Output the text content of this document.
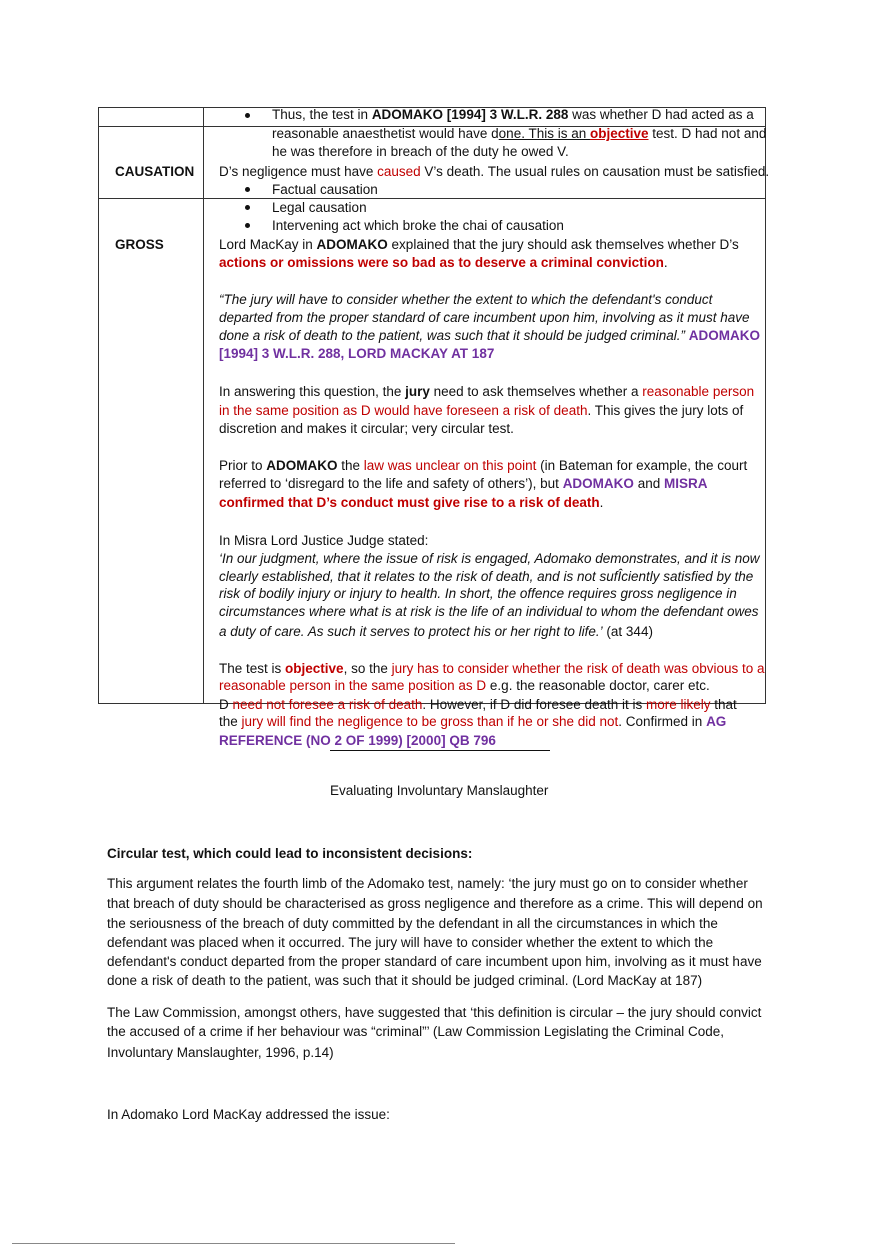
CAUSATION
GROSS
Thus, the test in ADOMAKO [1994] 3 W.L.R. 288 was whether D had acted as a
reasonable anaesthetist would have done. This is an objective test. D had not and
he was therefore in breach of the duty he owed V.
D’s negligence must have caused V’s death. The usual rules on causation must be satisfied.
Factual causation
Legal causation
Intervening act which broke the chai of causation
Lord MacKay in ADOMAKO explained that the jury should ask themselves whether D’s
actions or omissions were so bad as to deserve a criminal conviction.
“The jury will have to consider whether the extent to which the defendant's conduct
departed from the proper standard of care incumbent upon him, involving as it must have
done a risk of death to the patient, was such that it should be judged criminal.” ADOMAKO
[1994] 3 W.L.R. 288, LORD MACKAY AT 187
In answering this question, the jury need to ask themselves whether a reasonable person
in the same position as D would have foreseen a risk of death. This gives the jury lots of
discretion and makes it circular; very circular test.
Prior to ADOMAKO the law was unclear on this point (in Bateman for example, the court
referred to ‘disregard to the life and safety of others’), but ADOMAKO and MISRA
confirmed that D’s conduct must give rise to a risk of death.
In Misra Lord Justice Judge stated:
‘In our judgment, where the issue of risk is engaged, Adomako demonstrates, and it is now
clearly established, that it relates to the risk of death, and is not sufÎciently satisfied by the
risk of bodily injury or injury to health. In short, the offence requires gross negligence in
circumstances where what is at risk is the life of an individual to whom the defendant owes
a duty of care. As such it serves to protect his or her right to life.’ (at 344)
The test is objective, so the jury has to consider whether the risk of death was obvious to a
reasonable person in the same position as D e.g. the reasonable doctor, carer etc.
D need not foresee a risk of death. However, if D did foresee death it is more likely that
the jury will find the negligence to be gross than if he or she did not. Confirmed in AG
REFERENCE (NO 2 OF 1999) [2000] QB 796
Evaluating Involuntary Manslaughter
Circular test, which could lead to inconsistent decisions:
This argument relates the fourth limb of the Adomako test, namely: ‘the jury must go on to consider whether
that breach of duty should be characterised as gross negligence and therefore as a crime. This will depend on
the seriousness of the breach of duty committed by the defendant in all the circumstances in which the
defendant was placed when it occurred. The jury will have to consider whether the extent to which the
defendant's conduct departed from the proper standard of care incumbent upon him, involving as it must have
done a risk of death to the patient, was such that it should be judged criminal. (Lord MacKay at 187)
The Law Commission, amongst others, have suggested that ‘this definition is circular – the jury should convict
the accused of a crime if her behaviour was “criminal”’ (Law Commission Legislating the Criminal Code,
Involuntary Manslaughter, 1996, p.14)
In Adomako Lord MacKay addressed the issue:
